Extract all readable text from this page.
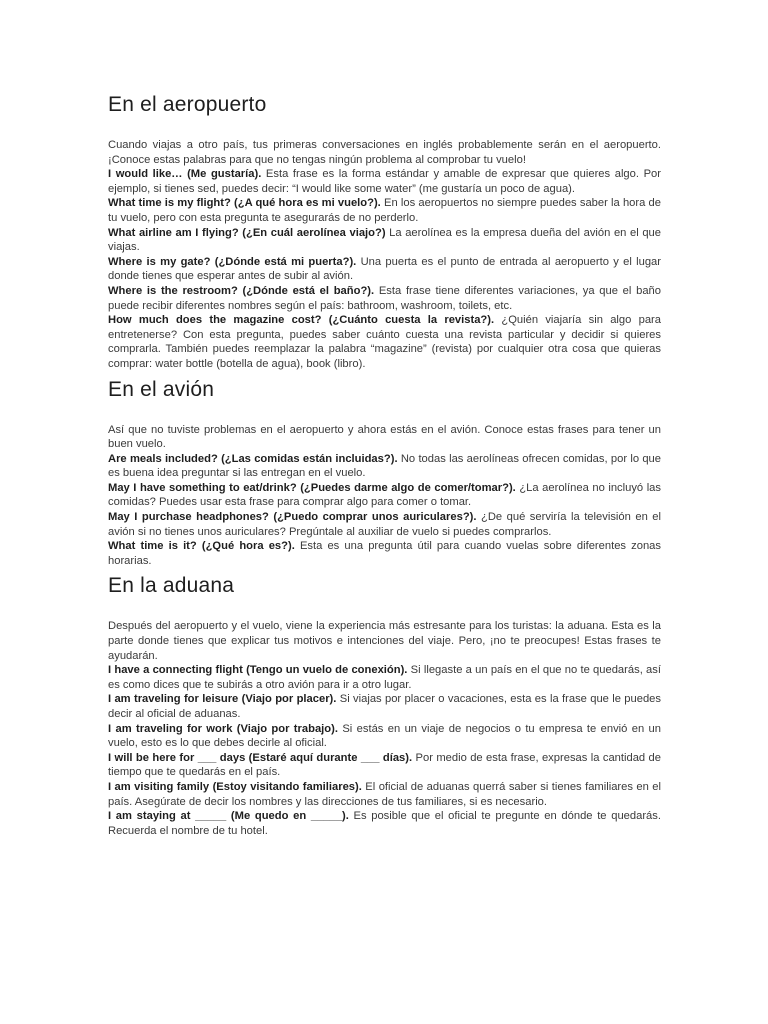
En el aeropuerto

Cuando viajas a otro país, tus primeras conversaciones en inglés probablemente serán en el aeropuerto. ¡Conoce estas palabras para que no tengas ningún problema al comprobar tu vuelo!

I would like… (Me gustaría). Esta frase es la forma estándar y amable de expresar que quieres algo. Por ejemplo, si tienes sed, puedes decir: “I would like some water” (me gustaría un poco de agua).

What time is my flight? (¿A qué hora es mi vuelo?). En los aeropuertos no siempre puedes saber la hora de tu vuelo, pero con esta pregunta te asegurarás de no perderlo.

What airline am I flying? (¿En cuál aerolínea viajo?) La aerolínea es la empresa dueña del avión en el que viajas.

Where is my gate? (¿Dónde está mi puerta?). Una puerta es el punto de entrada al aeropuerto y el lugar donde tienes que esperar antes de subir al avión.

Where is the restroom? (¿Dónde está el baño?). Esta frase tiene diferentes variaciones, ya que el baño puede recibir diferentes nombres según el país: bathroom, washroom, toilets, etc.

How much does the magazine cost? (¿Cuánto cuesta la revista?). ¿Quién viajaría sin algo para entretenerse? Con esta pregunta, puedes saber cuánto cuesta una revista particular y decidir si quieres comprarla. También puedes reemplazar la palabra “magazine” (revista) por cualquier otra cosa que quieras comprar: water bottle (botella de agua), book (libro).

En el avión

Así que no tuviste problemas en el aeropuerto y ahora estás en el avión. Conoce estas frases para tener un buen vuelo.

Are meals included? (¿Las comidas están incluidas?). No todas las aerolíneas ofrecen comidas, por lo que es buena idea preguntar si las entregan en el vuelo.

May I have something to eat/drink? (¿Puedes darme algo de comer/tomar?). ¿La aerolínea no incluyó las comidas? Puedes usar esta frase para comprar algo para comer o tomar.

May I purchase headphones? (¿Puedo comprar unos auriculares?). ¿De qué serviría la televisión en el avión si no tienes unos auriculares? Pregúntale al auxiliar de vuelo si puedes comprarlos.

What time is it? (¿Qué hora es?). Esta es una pregunta útil para cuando vuelas sobre diferentes zonas horarias.

En la aduana

Después del aeropuerto y el vuelo, viene la experiencia más estresante para los turistas: la aduana. Esta es la parte donde tienes que explicar tus motivos e intenciones del viaje. Pero, ¡no te preocupes! Estas frases te ayudarán.

I have a connecting flight (Tengo un vuelo de conexión). Si llegaste a un país en el que no te quedarás, así es como dices que te subirás a otro avión para ir a otro lugar.

I am traveling for leisure (Viajo por placer). Si viajas por placer o vacaciones, esta es la frase que le puedes decir al oficial de aduanas.

I am traveling for work (Viajo por trabajo). Si estás en un viaje de negocios o tu empresa te envió en un vuelo, esto es lo que debes decirle al oficial.

I will be here for ___ days (Estaré aquí durante ___ días). Por medio de esta frase, expresas la cantidad de tiempo que te quedarás en el país.

I am visiting family (Estoy visitando familiares). El oficial de aduanas querrá saber si tienes familiares en el país. Asegúrate de decir los nombres y las direcciones de tus familiares, si es necesario.

I am staying at _____ (Me quedo en _____). Es posible que el oficial te pregunte en dónde te quedarás. Recuerda el nombre de tu hotel.
